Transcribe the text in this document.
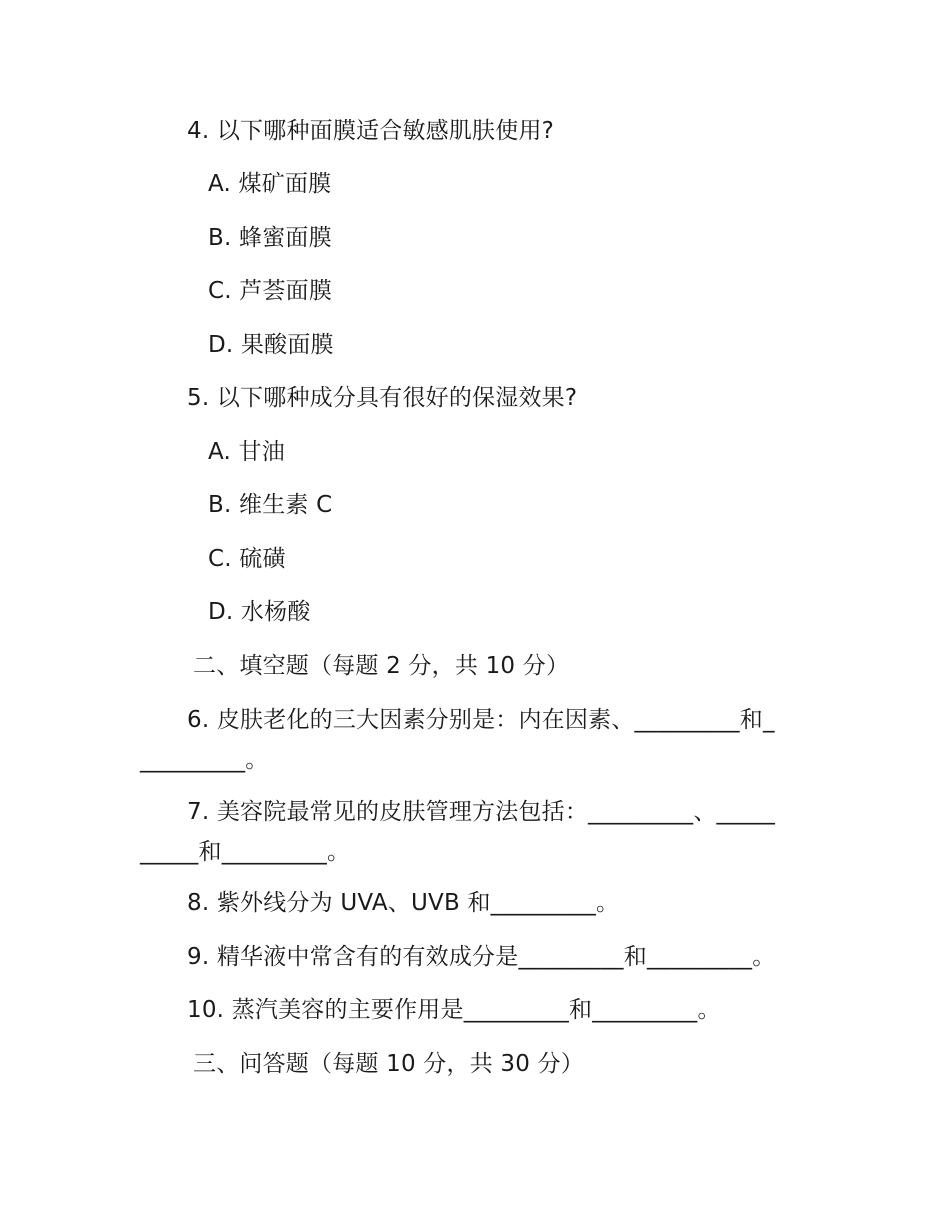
4. 以下哪种面膜适合敏感肌肤使用?
A. 煤矿面膜
B. 蜂蜜面膜
C. 芦荟面膜
D. 果酸面膜
5. 以下哪种成分具有很好的保湿效果?
A. 甘油
B. 维生素 C
C. 硫磺
D. 水杨酸
二、填空题（每题 2 分，共 10 分）
6. 皮肤老化的三大因素分别是：内在因素、_________和_
_________。
7. 美容院最常见的皮肤管理方法包括：_________、_____
_____和_________。
8. 紫外线分为 UVA、UVB 和_________。
9. 精华液中常含有的有效成分是_________和_________。
10. 蒸汽美容的主要作用是_________和_________。
三、问答题（每题 10 分，共 30 分）
